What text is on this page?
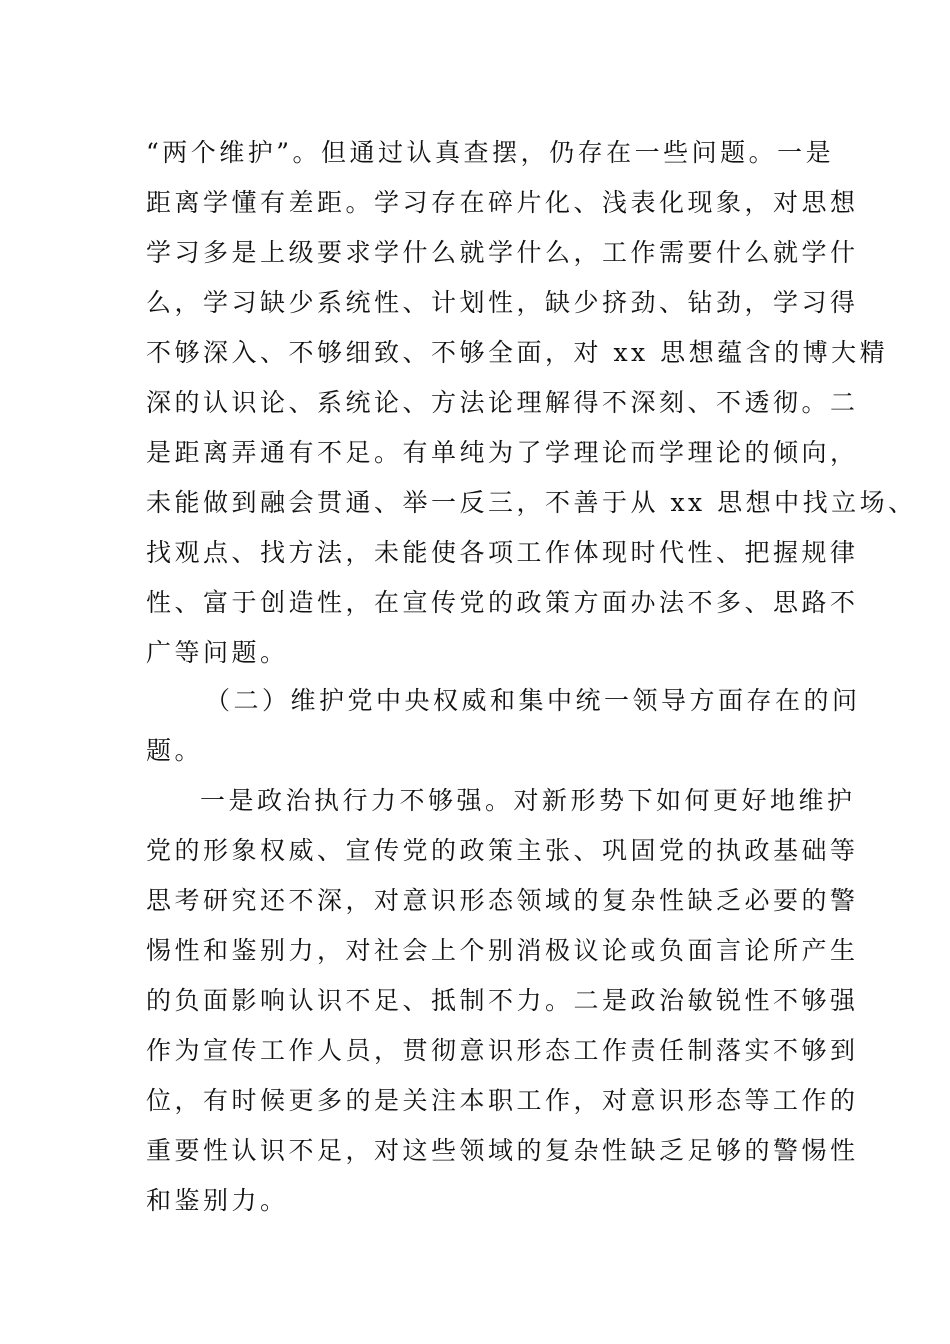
“两个维护”。但通过认真查摆，仍存在一些问题。一是
距离学懂有差距。学习存在碎片化、浅表化现象，对思想
学习多是上级要求学什么就学什么，工作需要什么就学什
么，学习缺少系统性、计划性，缺少挤劲、钻劲，学习得
不够深入、不够细致、不够全面，对 xx 思想蕴含的博大精
深的认识论、系统论、方法论理解得不深刻、不透彻。二
是距离弄通有不足。有单纯为了学理论而学理论的倾向，
未能做到融会贯通、举一反三，不善于从 xx 思想中找立场、
找观点、找方法，未能使各项工作体现时代性、把握规律
性、富于创造性，在宣传党的政策方面办法不多、思路不
广等问题。
（二）维护党中央权威和集中统一领导方面存在的问
题。
一是政治执行力不够强。对新形势下如何更好地维护
党的形象权威、宣传党的政策主张、巩固党的执政基础等
思考研究还不深，对意识形态领域的复杂性缺乏必要的警
惕性和鉴别力，对社会上个别消极议论或负面言论所产生
的负面影响认识不足、抵制不力。二是政治敏锐性不够强
作为宣传工作人员，贯彻意识形态工作责任制落实不够到
位，有时候更多的是关注本职工作，对意识形态等工作的
重要性认识不足，对这些领域的复杂性缺乏足够的警惕性
和鉴别力。
